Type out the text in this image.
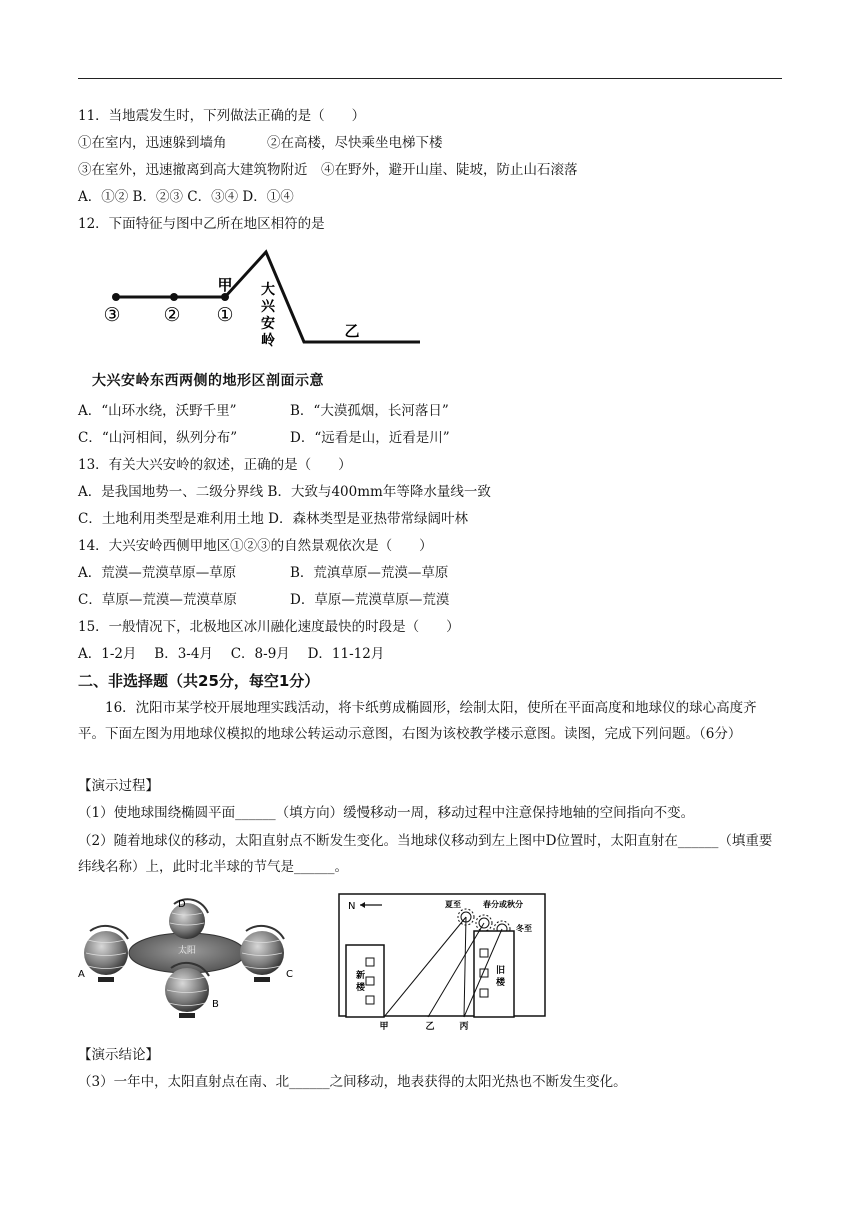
11．当地震发生时，下列做法正确的是（　　）
①在室内，迅速躲到墙角　　　②在高楼，尽快乘坐电梯下楼
③在室外，迅速撤离到高大建筑物附近　④在野外，避开山崖、陡坡，防止山石滚落
A．①② B．②③ C．③④ D．①④
12．下面特征与图中乙所在地区相符的是
甲
③ ② ①
大
兴
安
岭
乙
大兴安岭东西两侧的地形区剖面示意
A．“山环水绕，沃野千里”	B．“大漠孤烟，长河落日”
C．“山河相间，纵列分布”	D．“远看是山，近看是川”
13．有关大兴安岭的叙述，正确的是（　　）
A．是我国地势一、二级分界线 B．大致与400mm年等降水量线一致
C．土地利用类型是难利用土地 D．森林类型是亚热带常绿阔叶林
14．大兴安岭西侧甲地区①②③的自然景观依次是（　　）
A．荒漠—荒漠草原—草原	B．荒滇草原—荒漠—草原
C．草原—荒漠—荒漠草原	D．草原—荒漠草原—荒漠
15．一般情况下，北极地区冰川融化速度最快的时段是（　　）
A．1-2月　 B．3-4月　 C．8-9月　 D．11-12月
二、非选择题（共25分，每空1分）
16．沈阳市某学校开展地理实践活动，将卡纸剪成椭圆形，绘制太阳，使所在平面高度和地球仪的球心高度齐平。下面左图为用地球仪模拟的地球公转运动示意图，右图为该校教学楼示意图。读图，完成下列问题。（6分）
【演示过程】
（1）使地球围绕椭圆平面______（填方向）缓慢移动一周，移动过程中注意保持地轴的空间指向不变。
（2）随着地球仪的移动，太阳直射点不断发生变化。当地球仪移动到左上图中D位置时，太阳直射在______（填重要纬线名称）上，此时北半球的节气是______。
太阳
A
D
C
B
N	夏至	春分或秋分
冬至
新
楼
旧
楼
甲	乙	丙
【演示结论】
（3）一年中，太阳直射点在南、北______之间移动，地表获得的太阳光热也不断发生变化。
